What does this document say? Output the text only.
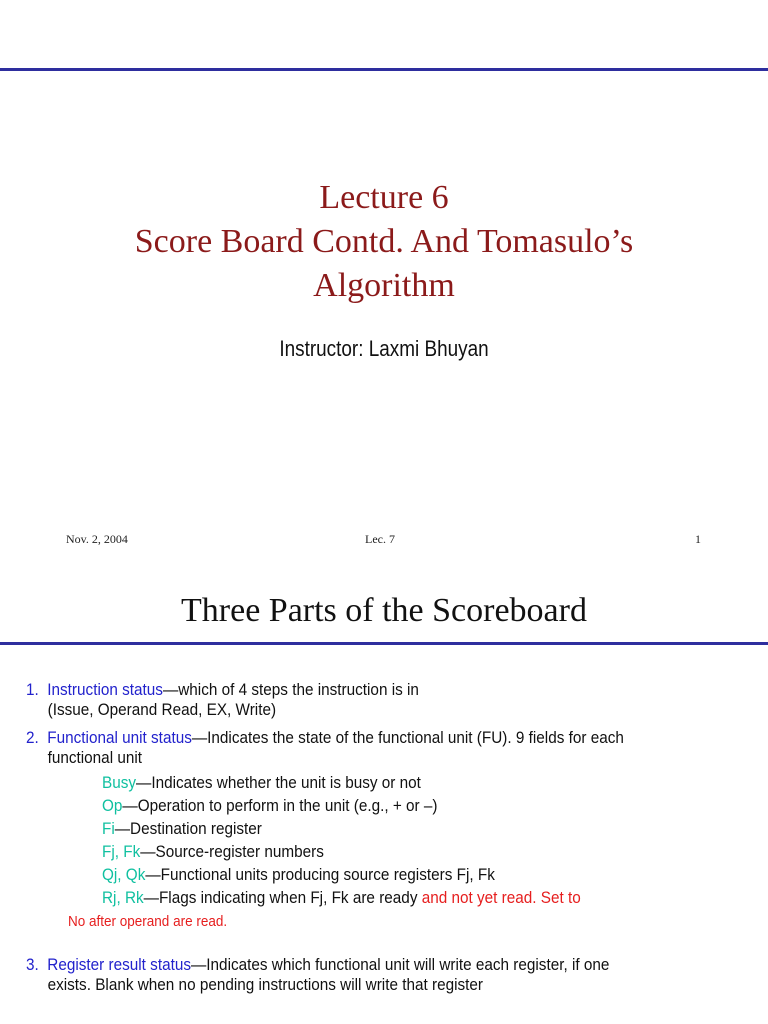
Lecture 6
Score Board Contd. And Tomasulo’s
Algorithm
Instructor: Laxmi Bhuyan
Nov. 2, 2004	Lec. 7	1
Three Parts of the Scoreboard
1. Instruction status—which of 4 steps the instruction is in
(Issue, Operand Read, EX, Write)
2. Functional unit status—Indicates the state of the functional unit (FU). 9 fields for each
functional unit
Busy—Indicates whether the unit is busy or not
Op—Operation to perform in the unit (e.g., + or –)
Fi—Destination register
Fj, Fk—Source-register numbers
Qj, Qk—Functional units producing source registers Fj, Fk
Rj, Rk—Flags indicating when Fj, Fk are ready and not yet read. Set to
No after operand are read.
3. Register result status—Indicates which functional unit will write each register, if one
exists. Blank when no pending instructions will write that register
